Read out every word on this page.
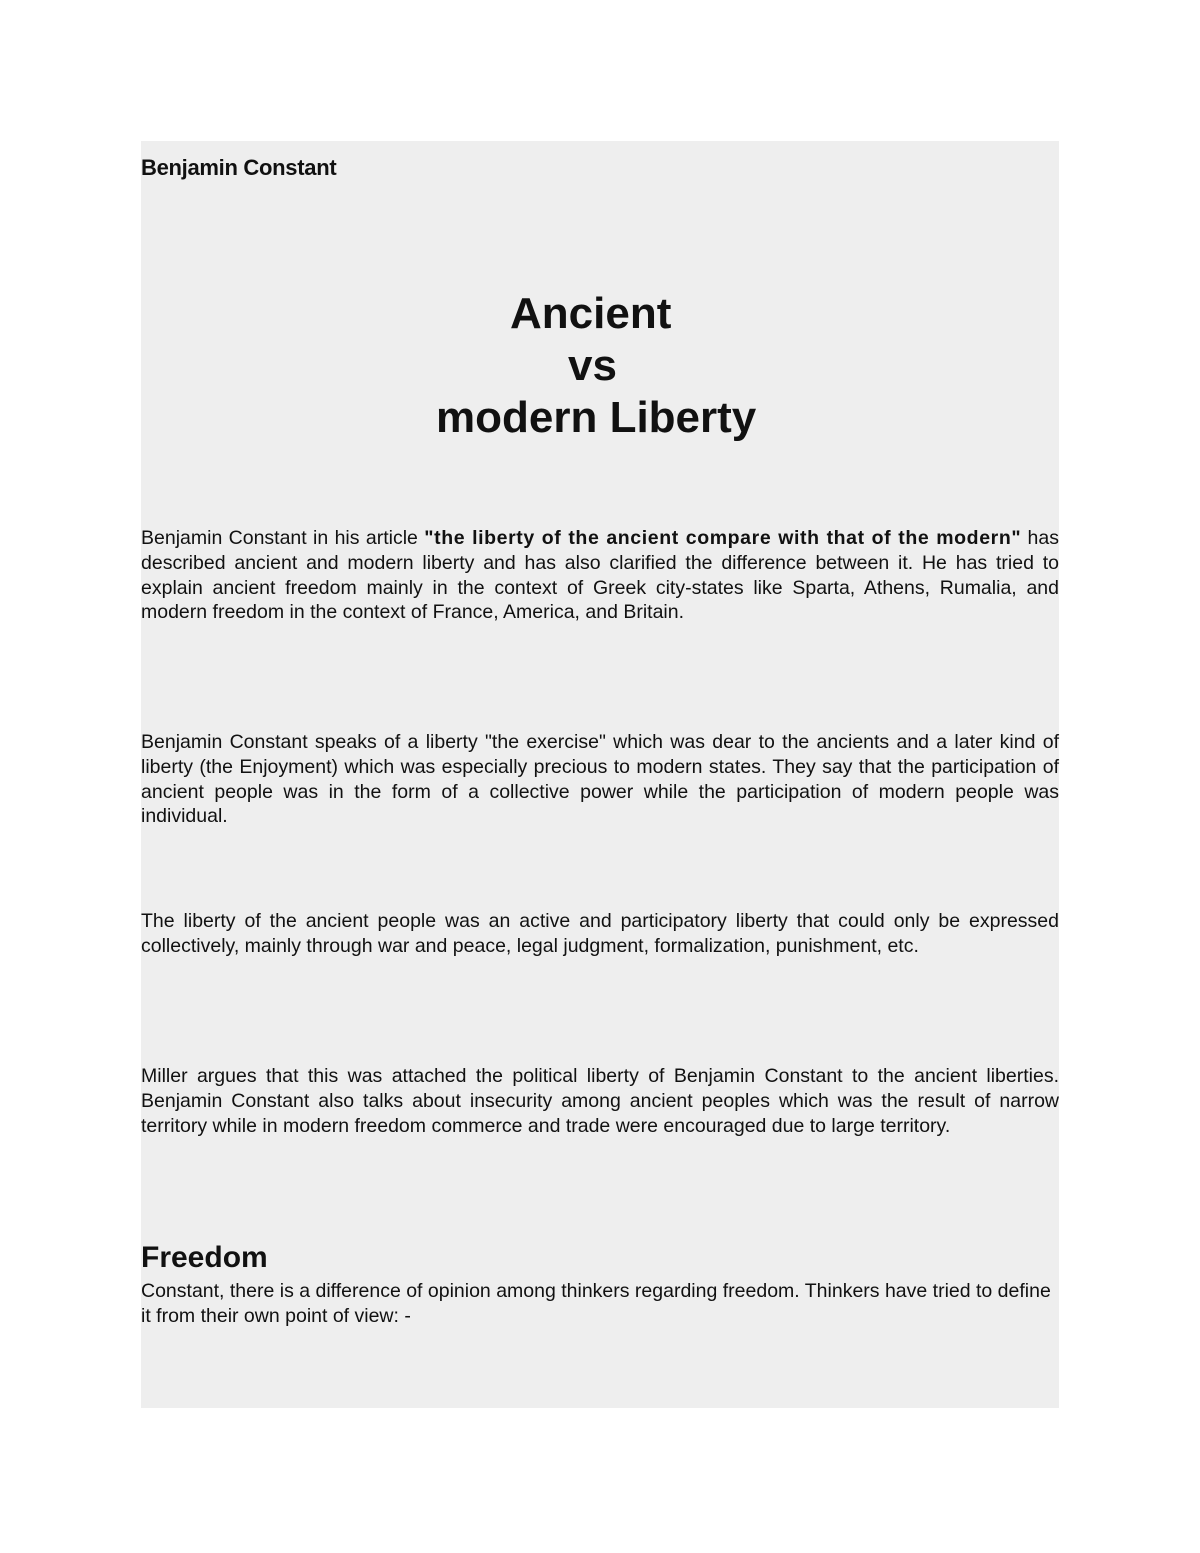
Benjamin Constant
Ancient
vs
modern Liberty

Benjamin Constant in his article "the liberty of the ancient compare with that of the modern" has described ancient and modern liberty and has also clarified the difference between it. He has tried to explain ancient freedom mainly in the context of Greek city-states like Sparta, Athens, Rumalia, and modern freedom in the context of France, America, and Britain.

Benjamin Constant speaks of a liberty "the exercise" which was dear to the ancients and a later kind of liberty (the Enjoyment) which was especially precious to modern states. They say that the participation of ancient people was in the form of a collective power while the participation of modern people was individual.

The liberty of the ancient people was an active and participatory liberty that could only be expressed collectively, mainly through war and peace, legal judgment, formalization, punishment, etc.

Miller argues that this was attached the political liberty of Benjamin Constant to the ancient liberties. Benjamin Constant also talks about insecurity among ancient peoples which was the result of narrow territory while in modern freedom commerce and trade were encouraged due to large territory.

Freedom

Constant, there is a difference of opinion among thinkers regarding freedom. Thinkers have tried to define it from their own point of view: -
